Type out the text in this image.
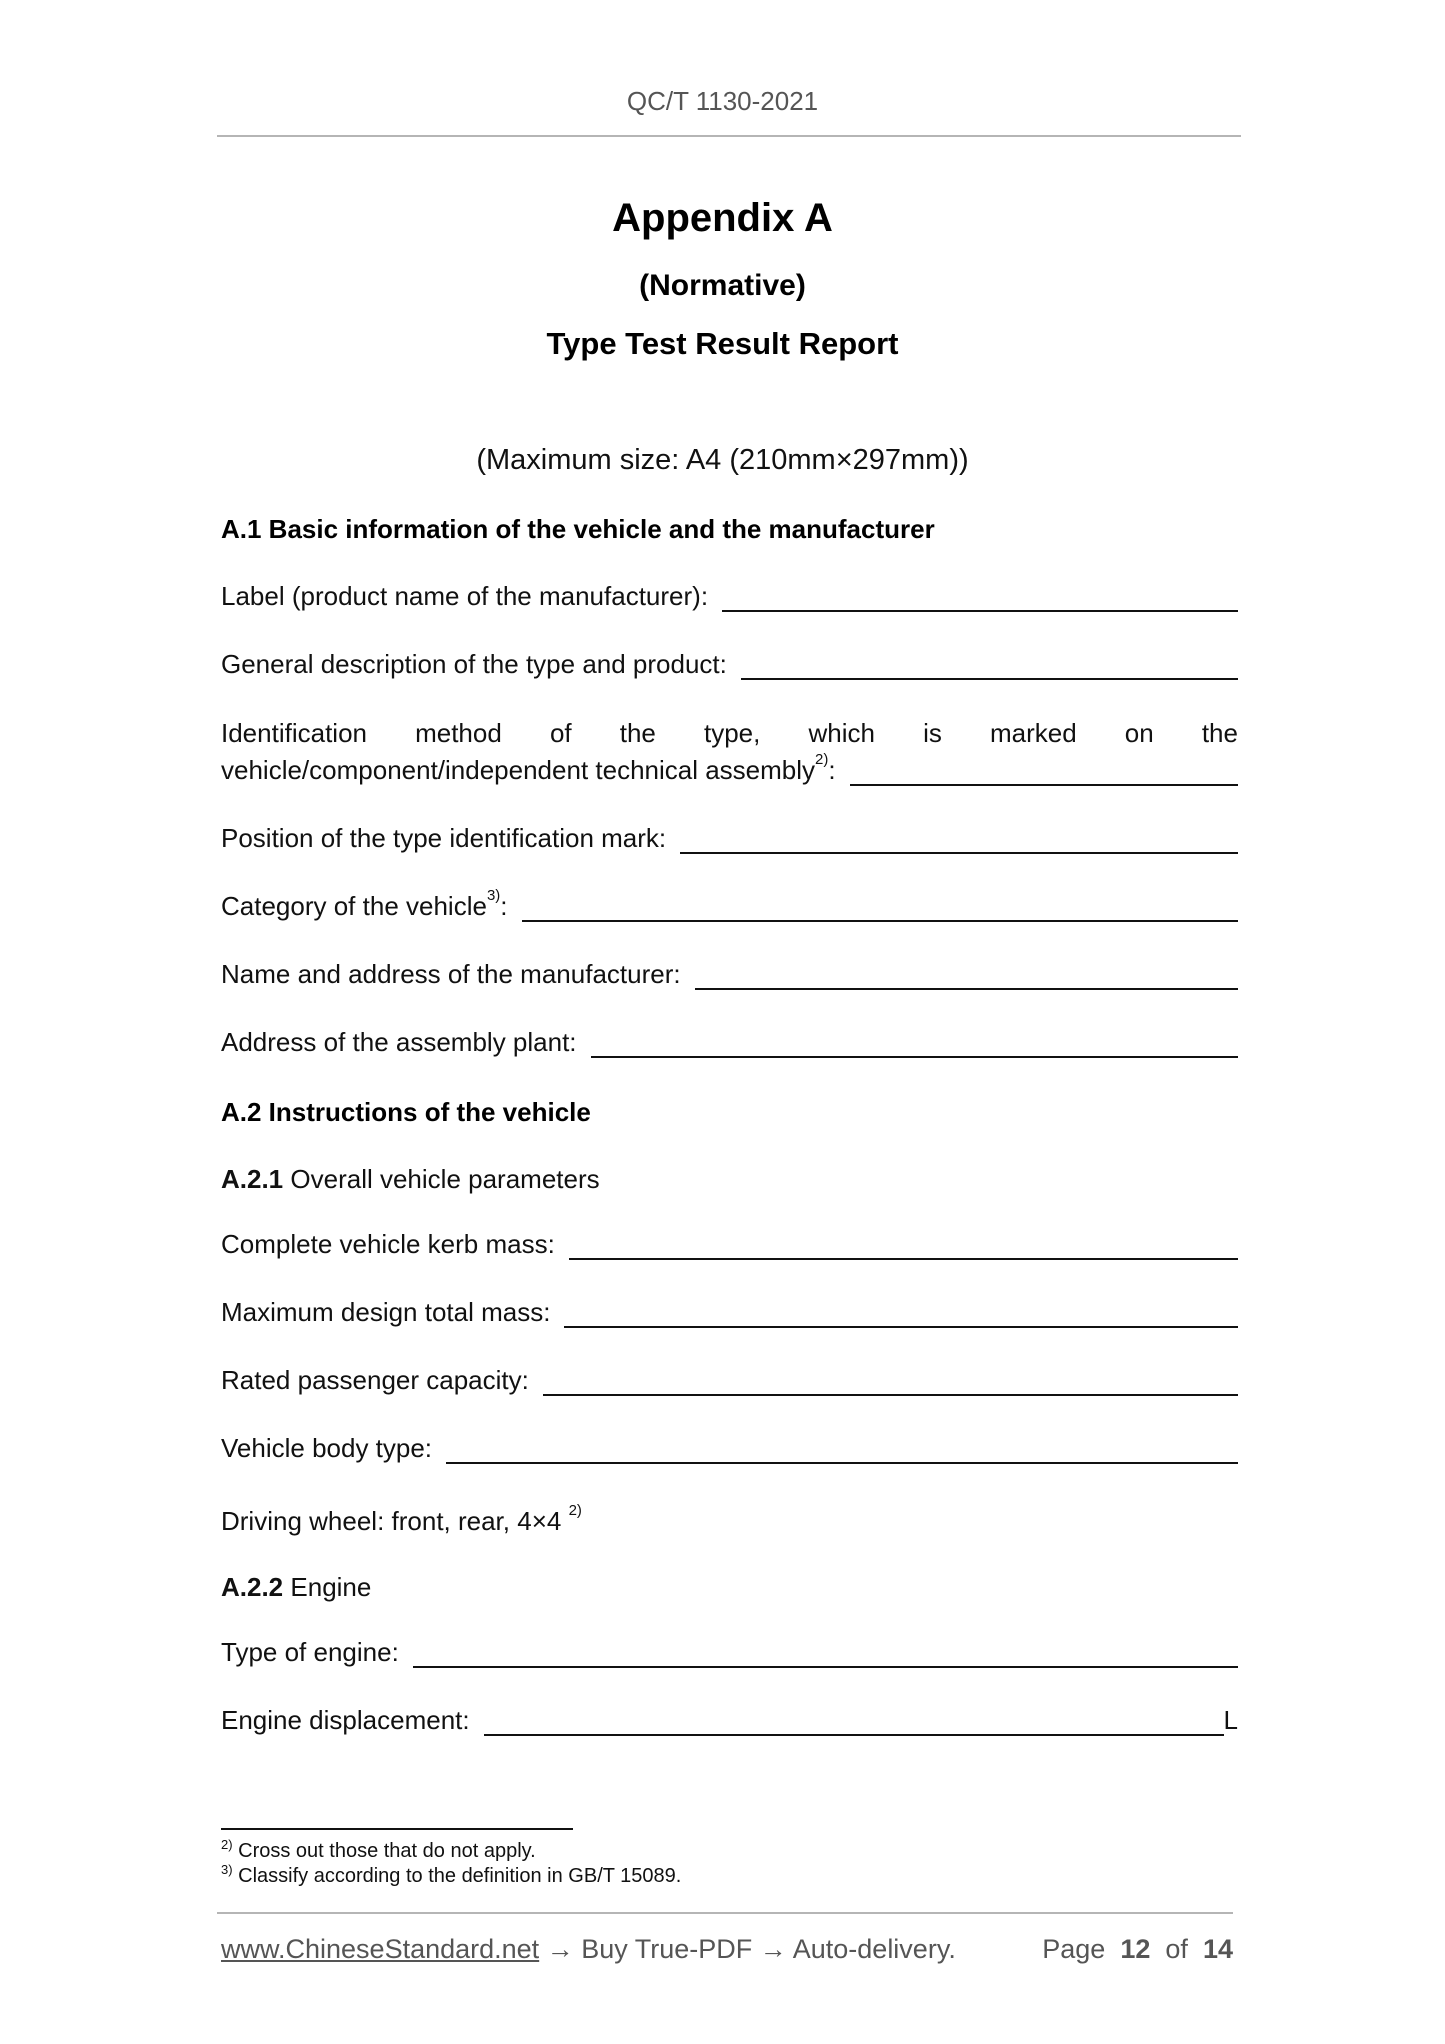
QC/T 1130-2021
Appendix A
(Normative)
Type Test Result Report
(Maximum size: A4 (210mm×297mm))
A.1 Basic information of the vehicle and the manufacturer
Label (product name of the manufacturer):
General description of the type and product:
Identification method of the type, which is marked on the
vehicle/component/independent technical assembly$^{2)}$:
Position of the type identification mark:
Category of the vehicle$^{3)}$:
Name and address of the manufacturer:
Address of the assembly plant:
A.2 Instructions of the vehicle
A.2.1 Overall vehicle parameters
Complete vehicle kerb mass:
Maximum design total mass:
Rated passenger capacity:
Vehicle body type:
Driving wheel: front, rear, 4×4 $^{2)}$
A.2.2 Engine
Type of engine:
Engine displacement:	L
$^{2)}$ Cross out those that do not apply.
$^{3)}$ Classify according to the definition in GB/T 15089.
www.ChineseStandard.net → Buy True-PDF → Auto-delivery.	Page 12 of 14
